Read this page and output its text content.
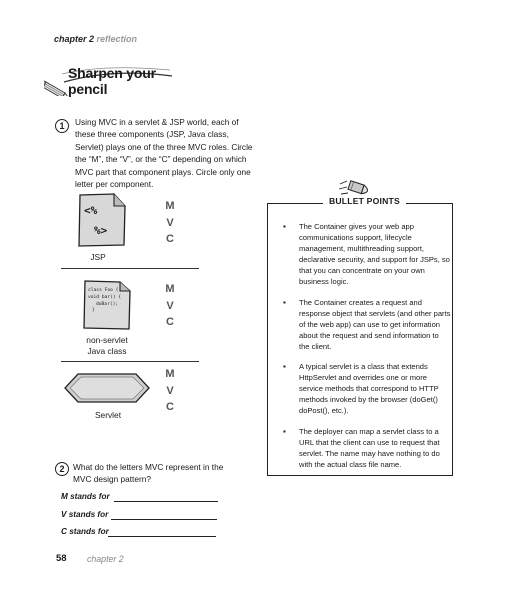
chapter 2 reflection
Sharpen your pencil
1	Using MVC in a servlet & JSP world, each of these three components (JSP, Java class, Servlet) plays one of the three MVC roles. Circle the “M”, the “V”, or the “C” depending on which MVC part that component plays. Circle only one letter per component.
<%
%>
JSP
M
V
C
class Foo {
void bar() {
doBar();
}
non-servlet
Java class
M
V
C
Servlet
M
V
C
2	What do the letters MVC represent in the MVC design pattern?
M stands for
V stands for
C stands for
BULLET POINTS
▪ The Container gives your web app communications support, lifecycle management, multithreading support, declarative security, and support for JSPs, so that you can concentrate on your own business logic.
▪ The Container creates a request and response object that servlets (and other parts of the web app) can use to get information about the request and send information to the client.
▪ A typical servlet is a class that extends HttpServlet and overrides one or more service methods that correspond to HTTP methods invoked by the browser (doGet() doPost(), etc.).
▪ The deployer can map a servlet class to a URL that the client can use to request that servlet. The name may have nothing to do with the actual class file name.
58 chapter 2
